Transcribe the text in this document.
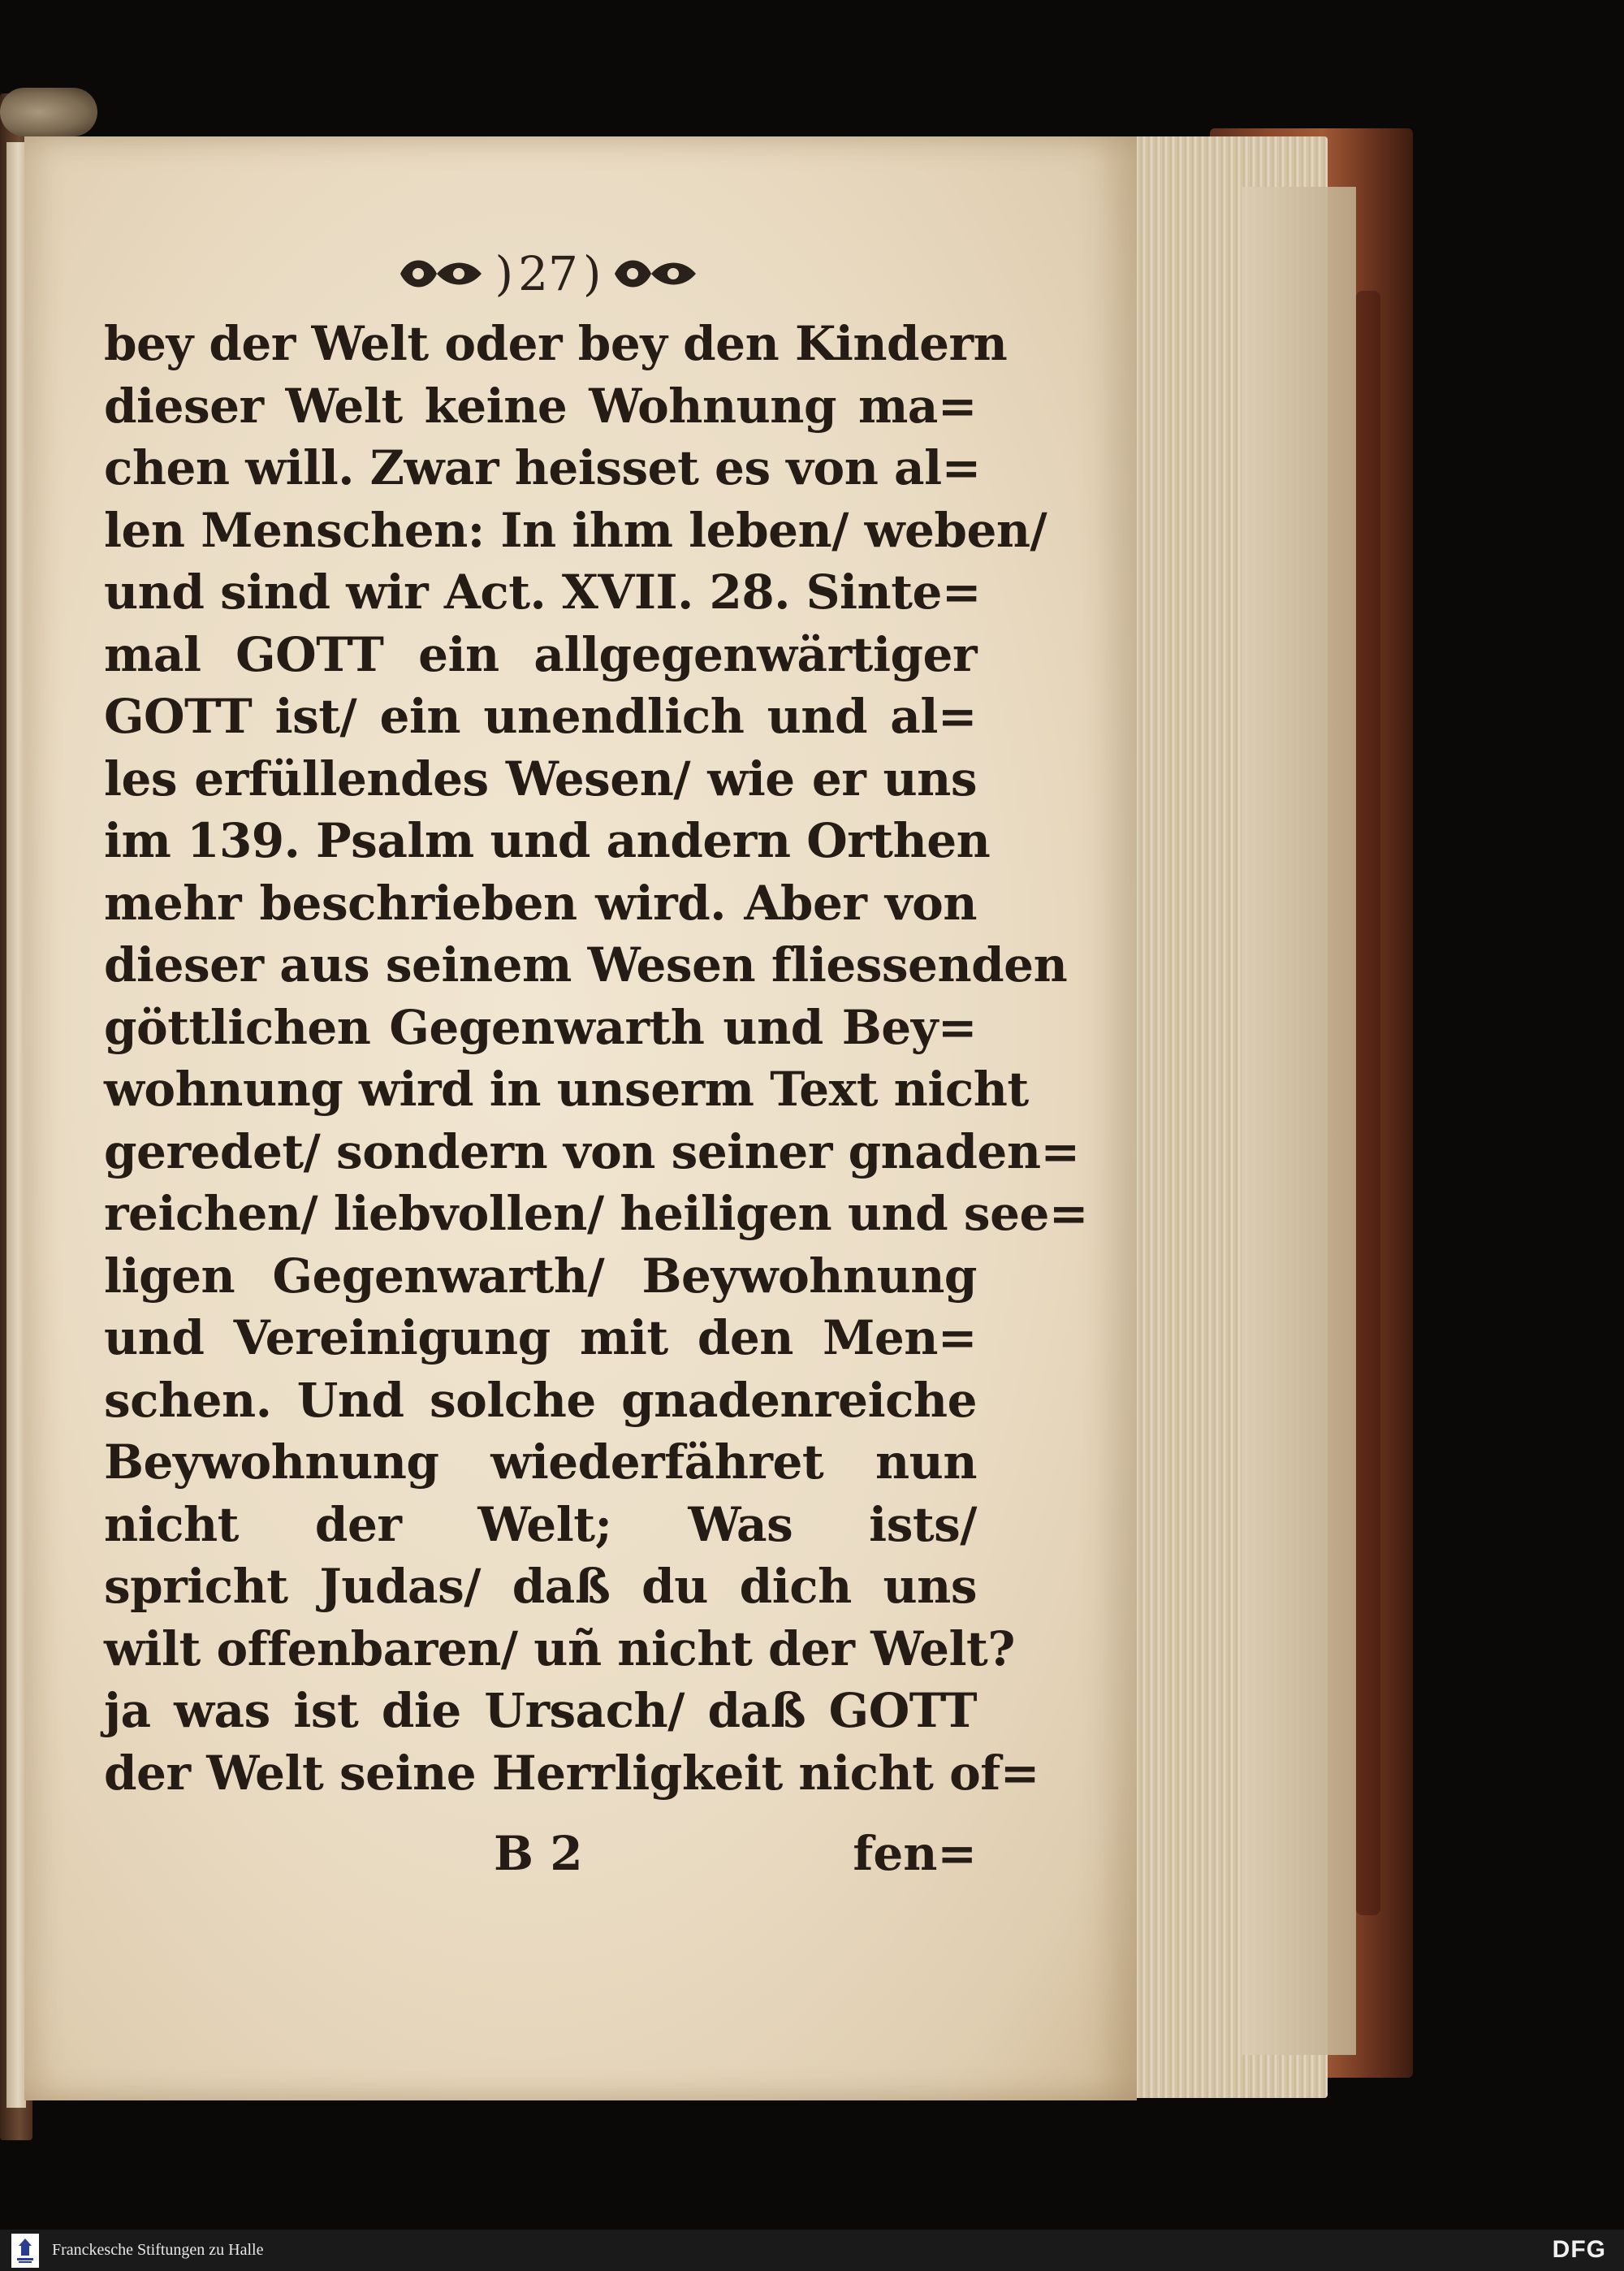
) 27 )
bey der Welt oder bey den Kindern
dieser Welt keine Wohnung ma=
chen will. Zwar heisset es von al=
len Menschen: In ihm leben/ weben/
und sind wir Act. XVII. 28. Sinte=
mal GOTT ein allgegenwärtiger
GOTT ist/ ein unendlich und al=
les erfüllendes Wesen/ wie er uns
im 139. Psalm und andern Orthen
mehr beschrieben wird. Aber von
dieser aus seinem Wesen fliessenden
göttlichen Gegenwarth und Bey=
wohnung wird in unserm Text nicht
geredet/ sondern von seiner gnaden=
reichen/ liebvollen/ heiligen und see=
ligen Gegenwarth/ Beywohnung
und Vereinigung mit den Men=
schen. Und solche gnadenreiche
Beywohnung wiederfähret nun
nicht der Welt; Was ists/
spricht Judas/ daß du dich uns
wilt offenbaren/ uñ nicht der Welt?
ja was ist die Ursach/ daß GOTT
der Welt seine Herrligkeit nicht of=
B 2	fen=
Franckesche Stiftungen zu Halle	DFG
